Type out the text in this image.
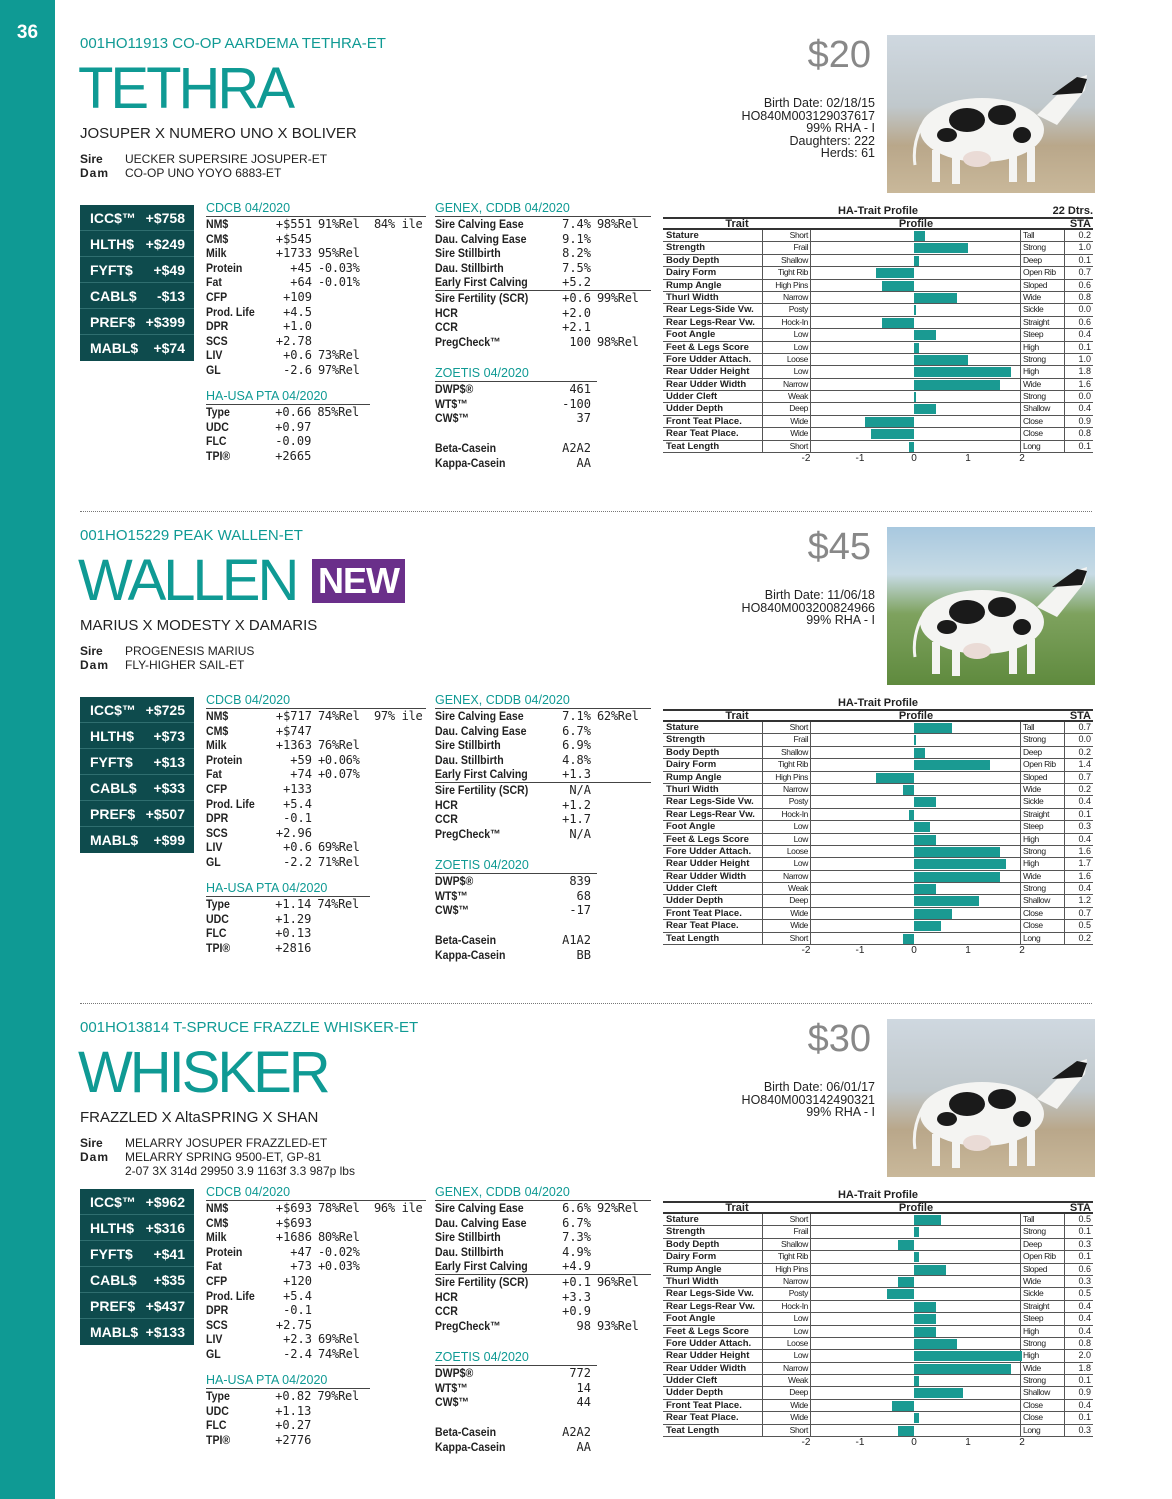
36
001HO11913 CO-OP AARDEMA TETHRA-ET
TETHRA
JOSUPER X NUMERO UNO X BOLIVER
Sire UECKER SUPERSIRE JOSUPER-ET
Dam CO-OP UNO YOYO 6883-ET
$20
Birth Date: 02/18/15
HO840M003129037617
99% RHA - I
Daughters: 222
Herds: 61
ICC$™ +$758
HLTH$ +$249
FYFT$ +$49
CABL$ -$13
PREF$ +$399
MABL$ +$74
CDCB 04/2020
NM$	+$551 91%Rel	84% ile
CM$	+$545
Milk	+1733 95%Rel
Protein	+45 -0.03%
Fat	+64 -0.01%
CFP	+109
Prod. Life	+4.5
DPR	+1.0
SCS	+2.78
LIV	+0.6 73%Rel
GL	-2.6 97%Rel
HA-USA PTA 04/2020
Type	+0.66 85%Rel
UDC	+0.97
FLC	-0.09
TPI®	+2665
GENEX, CDDB 04/2020
Sire Calving Ease	7.4% 98%Rel
Dau. Calving Ease	9.1%
Sire Stillbirth	8.2%
Dau. Stillbirth	7.5%
Early First Calving	+5.2
Sire Fertility (SCR)	+0.6 99%Rel
HCR	+2.0
CCR	+2.1
PregCheck™	100 98%Rel
ZOETIS 04/2020
DWP$®	461
WT$™	-100
CW$™	37
Beta-Casein	A2A2
Kappa-Casein	AA
HA-Trait Profile	22 Dtrs.
Trait	Profile	STA
Stature	Short	Tall	0.2
Strength	Frail	Strong	1.0
Body Depth	Shallow	Deep	0.1
Dairy Form	Tight Rib	Open Rib	0.7
Rump Angle	High Pins	Sloped	0.6
Thurl Width	Narrow	Wide	0.8
Rear Legs-Side Vw.	Posty	Sickle	0.0
Rear Legs-Rear Vw.	Hock-In	Straight	0.6
Foot Angle	Low	Steep	0.4
Feet & Legs Score	Low	High	0.1
Fore Udder Attach.	Loose	Strong	1.0
Rear Udder Height	Low	High	1.8
Rear Udder Width	Narrow	Wide	1.6
Udder Cleft	Weak	Strong	0.0
Udder Depth	Deep	Shallow	0.4
Front Teat Place.	Wide	Close	0.9
Rear Teat Place.	Wide	Close	0.8
Teat Length	Short	Long	0.1
-2	-1	0	1	2
001HO15229 PEAK WALLEN-ET
WALLEN NEW
MARIUS X MODESTY X DAMARIS
Sire PROGENESIS MARIUS
Dam FLY-HIGHER SAIL-ET
$45
Birth Date: 11/06/18
HO840M003200824966
99% RHA - I
ICC$™ +$725
HLTH$ +$73
FYFT$ +$13
CABL$ +$33
PREF$ +$507
MABL$ +$99
CDCB 04/2020
NM$	+$717 74%Rel	97% ile
CM$	+$747
Milk	+1363 76%Rel
Protein	+59 +0.06%
Fat	+74 +0.07%
CFP	+133
Prod. Life	+5.4
DPR	-0.1
SCS	+2.96
LIV	+0.6 69%Rel
GL	-2.2 71%Rel
HA-USA PTA 04/2020
Type	+1.14 74%Rel
UDC	+1.29
FLC	+0.13
TPI®	+2816
GENEX, CDDB 04/2020
Sire Calving Ease	7.1% 62%Rel
Dau. Calving Ease	6.7%
Sire Stillbirth	6.9%
Dau. Stillbirth	4.8%
Early First Calving	+1.3
Sire Fertility (SCR)	N/A
HCR	+1.2
CCR	+1.7
PregCheck™	N/A
ZOETIS 04/2020
DWP$®	839
WT$™	68
CW$™	-17
Beta-Casein	A1A2
Kappa-Casein	BB
HA-Trait Profile
Trait	Profile	STA
Stature	Short	Tall	0.7
Strength	Frail	Strong	0.0
Body Depth	Shallow	Deep	0.2
Dairy Form	Tight Rib	Open Rib	1.4
Rump Angle	High Pins	Sloped	0.7
Thurl Width	Narrow	Wide	0.2
Rear Legs-Side Vw.	Posty	Sickle	0.4
Rear Legs-Rear Vw.	Hock-In	Straight	0.1
Foot Angle	Low	Steep	0.3
Feet & Legs Score	Low	High	0.4
Fore Udder Attach.	Loose	Strong	1.6
Rear Udder Height	Low	High	1.7
Rear Udder Width	Narrow	Wide	1.6
Udder Cleft	Weak	Strong	0.4
Udder Depth	Deep	Shallow	1.2
Front Teat Place.	Wide	Close	0.7
Rear Teat Place.	Wide	Close	0.5
Teat Length	Short	Long	0.2
-2	-1	0	1	2
001HO13814 T-SPRUCE FRAZZLE WHISKER-ET
WHISKER
FRAZZLED X AltaSPRING X SHAN
Sire MELARRY JOSUPER FRAZZLED-ET
Dam MELARRY SPRING 9500-ET, GP-81
2-07 3X 314d 29950 3.9 1163f 3.3 987p lbs
$30
Birth Date: 06/01/17
HO840M003142490321
99% RHA - I
ICC$™ +$962
HLTH$ +$316
FYFT$ +$41
CABL$ +$35
PREF$ +$437
MABL$ +$133
CDCB 04/2020
NM$	+$693 78%Rel	96% ile
CM$	+$693
Milk	+1686 80%Rel
Protein	+47 -0.02%
Fat	+73 +0.03%
CFP	+120
Prod. Life	+5.4
DPR	-0.1
SCS	+2.75
LIV	+2.3 69%Rel
GL	-2.4 74%Rel
HA-USA PTA 04/2020
Type	+0.82 79%Rel
UDC	+1.13
FLC	+0.27
TPI®	+2776
GENEX, CDDB 04/2020
Sire Calving Ease	6.6% 92%Rel
Dau. Calving Ease	6.7%
Sire Stillbirth	7.3%
Dau. Stillbirth	4.9%
Early First Calving	+4.9
Sire Fertility (SCR)	+0.1 96%Rel
HCR	+3.3
CCR	+0.9
PregCheck™	98 93%Rel
ZOETIS 04/2020
DWP$®	772
WT$™	14
CW$™	44
Beta-Casein	A2A2
Kappa-Casein	AA
HA-Trait Profile
Trait	Profile	STA
Stature	Short	Tall	0.5
Strength	Frail	Strong	0.1
Body Depth	Shallow	Deep	0.3
Dairy Form	Tight Rib	Open Rib	0.1
Rump Angle	High Pins	Sloped	0.6
Thurl Width	Narrow	Wide	0.3
Rear Legs-Side Vw.	Posty	Sickle	0.5
Rear Legs-Rear Vw.	Hock-In	Straight	0.4
Foot Angle	Low	Steep	0.4
Feet & Legs Score	Low	High	0.4
Fore Udder Attach.	Loose	Strong	0.8
Rear Udder Height	Low	High	2.0
Rear Udder Width	Narrow	Wide	1.8
Udder Cleft	Weak	Strong	0.1
Udder Depth	Deep	Shallow	0.9
Front Teat Place.	Wide	Close	0.4
Rear Teat Place.	Wide	Close	0.1
Teat Length	Short	Long	0.3
-2	-1	0	1	2
